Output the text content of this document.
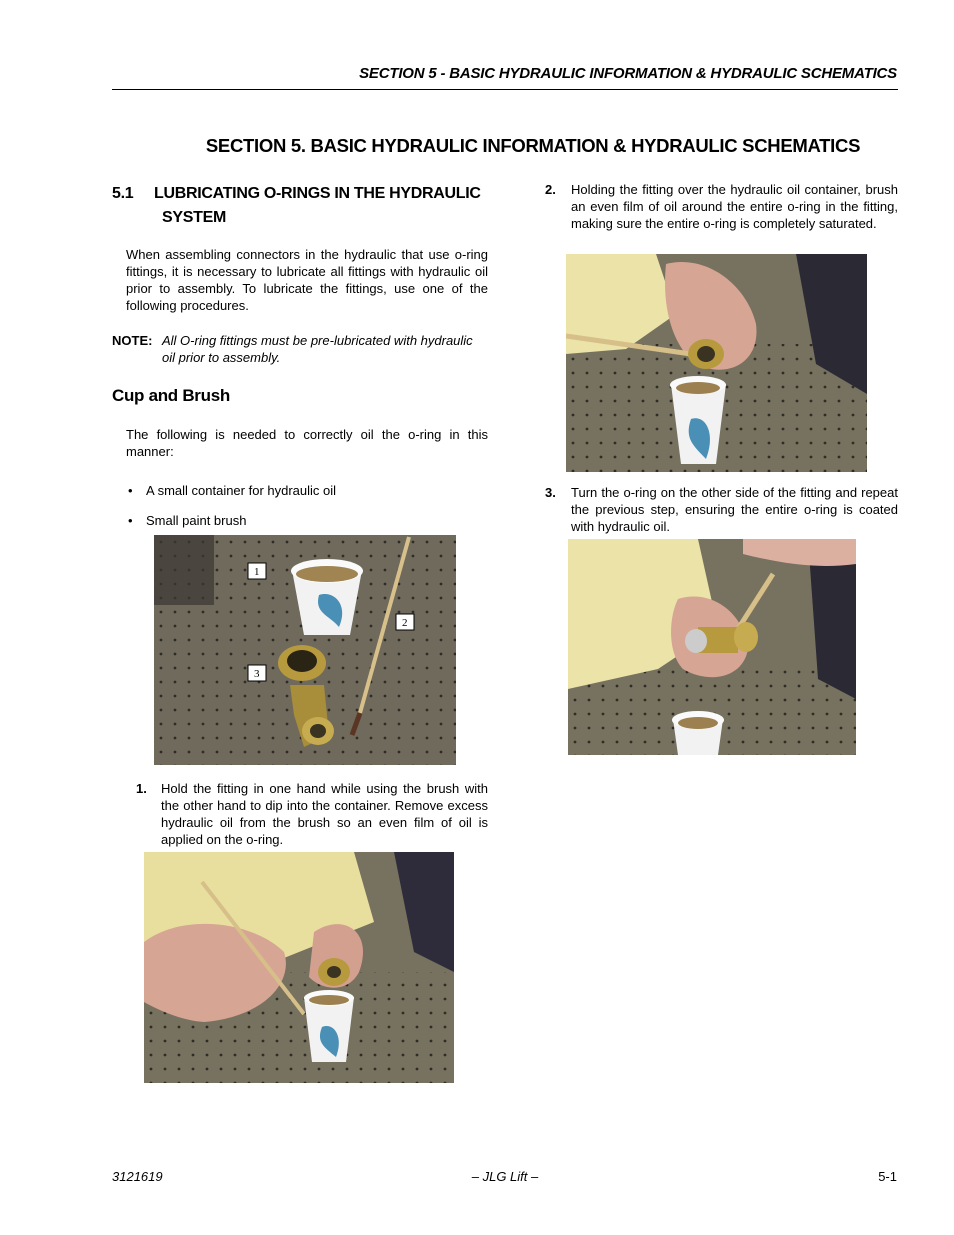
SECTION 5 - BASIC HYDRAULIC INFORMATION & HYDRAULIC SCHEMATICS
SECTION 5. BASIC HYDRAULIC INFORMATION & HYDRAULIC SCHEMATICS
5.1 LUBRICATING O-RINGS IN THE HYDRAULIC
SYSTEM
When assembling connectors in the hydraulic that use o-ring fittings, it is necessary to lubricate all fittings with hydraulic oil prior to assembly. To lubricate the fittings, use one of the following procedures.
NOTE: All O-ring fittings must be pre-lubricated with hydraulic oil prior to assembly.
Cup and Brush
The following is needed to correctly oil the o-ring in this manner:
• A small container for hydraulic oil
• Small paint brush
1
2
3
1. Hold the fitting in one hand while using the brush with the other hand to dip into the container. Remove excess hydraulic oil from the brush so an even film of oil is applied on the o-ring.
2. Holding the fitting over the hydraulic oil container, brush an even film of oil around the entire o-ring in the fitting, making sure the entire o-ring is completely saturated.
3. Turn the o-ring on the other side of the fitting and repeat the previous step, ensuring the entire o-ring is coated with hydraulic oil.
3121619	– JLG Lift –	5-1
